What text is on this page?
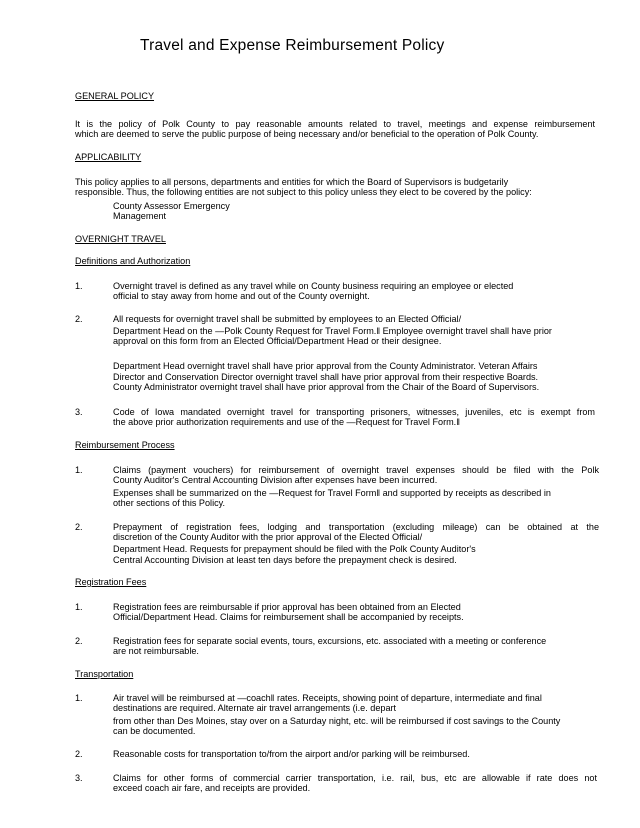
Travel and Expense Reimbursement Policy
GENERAL POLICY
It is the policy of Polk County to pay reasonable amounts related to travel, meetings and expense reimbursement
which are deemed to serve the public purpose of being necessary and/or beneficial to the operation of Polk County.
APPLICABILITY
This policy applies to all persons, departments and entities for which the Board of Supervisors is budgetarily
responsible. Thus, the following entities are not subject to this policy unless they elect to be covered by the policy:
County Assessor Emergency
Management
OVERNIGHT TRAVEL
Definitions and Authorization
1.	Overnight travel is defined as any travel while on County business requiring an employee or elected
official to stay away from home and out of the County overnight.
2.	All requests for overnight travel shall be submitted by employees to an Elected Official/
Department Head on the —Polk County Request for Travel Form.‖ Employee overnight travel shall have prior
approval on this form from an Elected Official/Department Head or their designee.
Department Head overnight travel shall have prior approval from the County Administrator. Veteran Affairs
Director and Conservation Director overnight travel shall have prior approval from their respective Boards.
County Administrator overnight travel shall have prior approval from the Chair of the Board of Supervisors.
3.	Code of Iowa mandated overnight travel for transporting prisoners, witnesses, juveniles, etc is exempt from
the above prior authorization requirements and use of the —Request for Travel Form.‖
Reimbursement Process
1.	Claims (payment vouchers) for reimbursement of overnight travel expenses should be filed with the Polk
County Auditor's Central Accounting Division after expenses have been incurred.
Expenses shall be summarized on the —Request for Travel Form‖ and supported by receipts as described in
other sections of this Policy.
2.	Prepayment of registration fees, lodging and transportation (excluding mileage) can be obtained at the
discretion of the County Auditor with the prior approval of the Elected Official/
Department Head. Requests for prepayment should be filed with the Polk County Auditor's
Central Accounting Division at least ten days before the prepayment check is desired.
Registration Fees
1.	Registration fees are reimbursable if prior approval has been obtained from an Elected
Official/Department Head. Claims for reimbursement shall be accompanied by receipts.
2.	Registration fees for separate social events, tours, excursions, etc. associated with a meeting or conference
are not reimbursable.
Transportation
1.	Air travel will be reimbursed at —coach‖ rates. Receipts, showing point of departure, intermediate and final
destinations are required. Alternate air travel arrangements (i.e. depart
from other than Des Moines, stay over on a Saturday night, etc. will be reimbursed if cost savings to the County
can be documented.
2.	Reasonable costs for transportation to/from the airport and/or parking will be reimbursed.
3.	Claims for other forms of commercial carrier transportation, i.e. rail, bus, etc are allowable if rate does not
exceed coach air fare, and receipts are provided.
